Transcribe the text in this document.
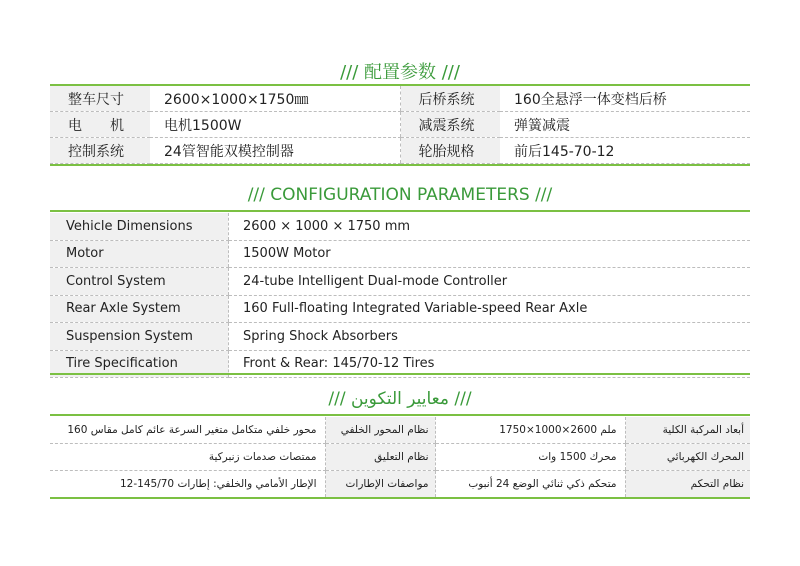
/// 配置参数 ///
整车尺寸	2600×1000×1750㎜	后桥系统	160全悬浮一体变档后桥
电　　机	电机1500W	减震系统	弹簧减震
控制系统	24管智能双模控制器	轮胎规格	前后145-70-12
/// CONFIGURATION PARAMETERS ///
Vehicle Dimensions	2600 × 1000 × 1750 mm
Motor	1500W Motor
Control System	24-tube Intelligent Dual-mode Controller
Rear Axle System	160 Full-floating Integrated Variable-speed Rear Axle
Suspension System	Spring Shock Absorbers
Tire Specification	Front & Rear: 145/70-12 Tires
/// معايير التكوين ///
محور خلفي متكامل متغير السرعة عائم كامل مقاس 160	نظام المحور الخلفي	ملم 2600×1000×1750	أبعاد المركبة الكلية
ممتصات صدمات زنبركية	نظام التعليق	محرك 1500 وات	المحرك الكهربائي
الإطار الأمامي والخلفي: إطارات 145/70-12	مواصفات الإطارات	متحكم ذكي ثنائي الوضع 24 أنبوب	نظام التحكم
